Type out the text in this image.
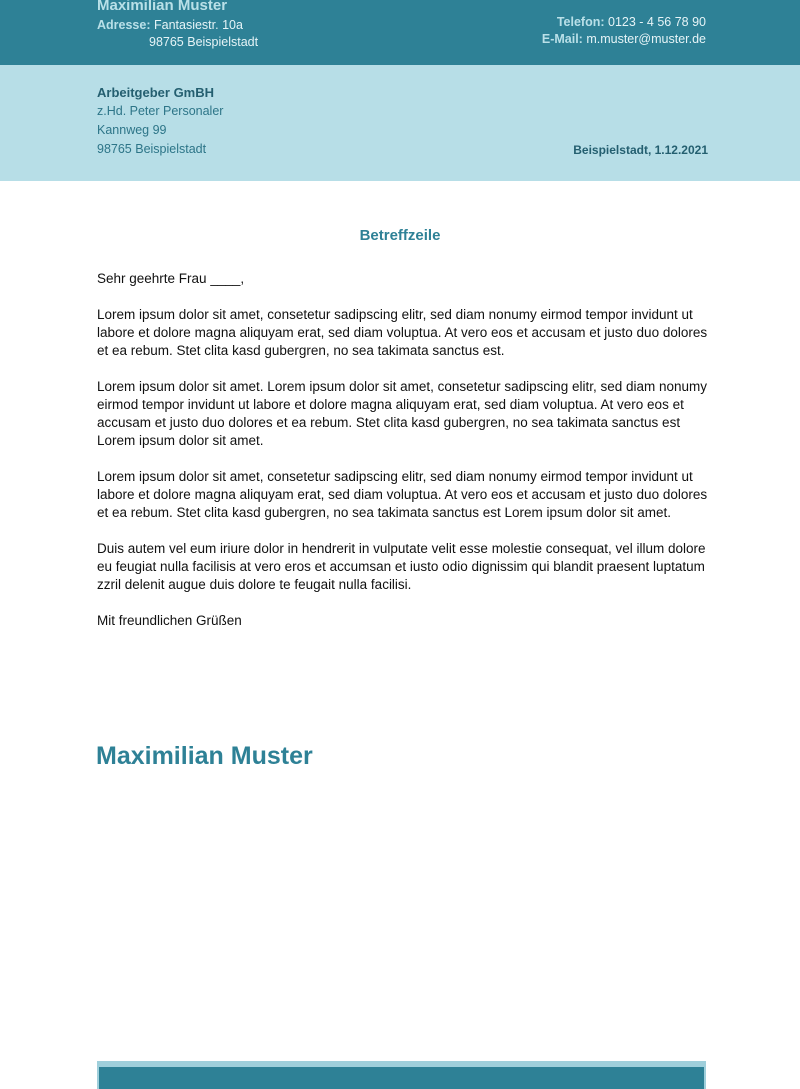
Maximilian Muster
Adresse: Fantasiestr. 10a
98765 Beispielstadt
Telefon: 0123 - 4 56 78 90
E-Mail: m.muster@muster.de
Arbeitgeber GmBH
z.Hd. Peter Personaler
Kannweg 99
98765 Beispielstadt	Beispielstadt, 1.12.2021
Betreffzeile

Sehr geehrte Frau ____,

Lorem ipsum dolor sit amet, consetetur sadipscing elitr, sed diam nonumy eirmod tempor invidunt ut labore et dolore magna aliquyam erat, sed diam voluptua. At vero eos et accusam et justo duo dolores et ea rebum. Stet clita kasd gubergren, no sea takimata sanctus est.

Lorem ipsum dolor sit amet. Lorem ipsum dolor sit amet, consetetur sadipscing elitr, sed diam nonumy eirmod tempor invidunt ut labore et dolore magna aliquyam erat, sed diam voluptua. At vero eos et accusam et justo duo dolores et ea rebum. Stet clita kasd gubergren, no sea takimata sanctus est Lorem ipsum dolor sit amet.

Lorem ipsum dolor sit amet, consetetur sadipscing elitr, sed diam nonumy eirmod tempor invidunt ut labore et dolore magna aliquyam erat, sed diam voluptua. At vero eos et accusam et justo duo dolores et ea rebum. Stet clita kasd gubergren, no sea takimata sanctus est Lorem ipsum dolor sit amet.

Duis autem vel eum iriure dolor in hendrerit in vulputate velit esse molestie consequat, vel illum dolore eu feugiat nulla facilisis at vero eros et accumsan et iusto odio dignissim qui blandit praesent luptatum zzril delenit augue duis dolore te feugait nulla facilisi.

Mit freundlichen Grüßen

Maximilian Muster
